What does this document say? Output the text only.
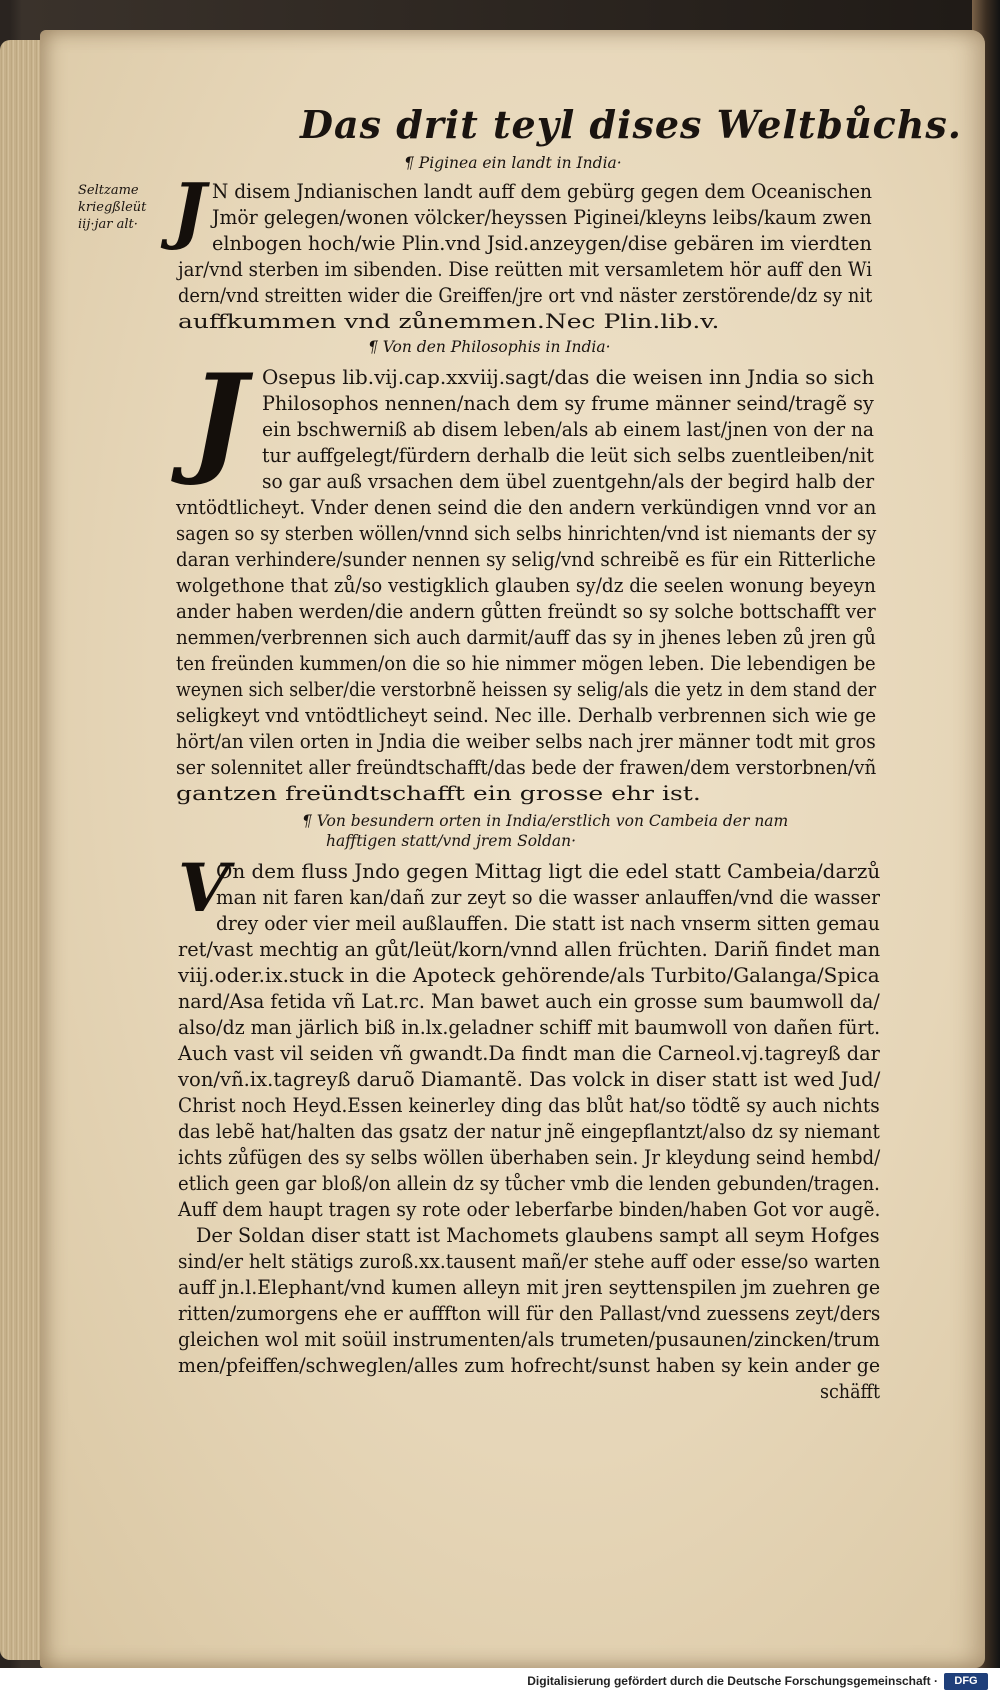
Das drit teyl dises Weltbůchs.
¶ Piginea ein landt in India·
Seltzame kriegßleüt iij·jar alt· J N disem Jndianischen landt auff dem gebürg gegen dem Oceanischen
Jmör gelegen/wonen völcker/heyssen Piginei/kleyns leibs/kaum zwen
elnbogen hoch/wie Plin.vnd Jsid.anzeygen/dise gebären im vierdten
jar/vnd sterben im sibenden. Dise reütten mit versamletem hör auff den Wi
dern/vnd streitten wider die Greiffen/jre ort vnd näster zerstörende/dz sy nit
auffkummen vnd zůnemmen.Nec Plin.lib.v.
¶ Von den Philosophis in India·
J Osepus lib.vij.cap.xxviij.sagt/das die weisen inn Jndia so sich
Philosophos nennen/nach dem sy frume männer seind/tragẽ sy
ein bschwerniß ab disem leben/als ab einem last/jnen von der na
tur auffgelegt/fürdern derhalb die leüt sich selbs zuentleiben/nit
so gar auß vrsachen dem übel zuentgehn/als der begird halb der
vntödtlicheyt. Vnder denen seind die den andern verkündigen vnnd vor an
sagen so sy sterben wöllen/vnnd sich selbs hinrichten/vnd ist niemants der sy
daran verhindere/sunder nennen sy selig/vnd schreibẽ es für ein Ritterliche
wolgethone that zů/so vestigklich glauben sy/dz die seelen wonung beyeyn
ander haben werden/die andern gůtten freündt so sy solche bottschafft ver
nemmen/verbrennen sich auch darmit/auff das sy in jhenes leben zů jren gů
ten freünden kummen/on die so hie nimmer mögen leben. Die lebendigen be
weynen sich selber/die verstorbnẽ heissen sy selig/als die yetz in dem stand der
seligkeyt vnd vntödtlicheyt seind. Nec ille. Derhalb verbrennen sich wie ge
hört/an vilen orten in Jndia die weiber selbs nach jrer männer todt mit gros
ser solennitet aller freündtschafft/das bede der frawen/dem verstorbnen/vñ
gantzen freündtschafft ein grosse ehr ist.
¶ Von besundern orten in India/erstlich von Cambeia der nam
hafftigen statt/vnd jrem Soldan·
V
On dem fluss Jndo gegen Mittag ligt die edel statt Cambeia/darzů
man nit faren kan/dañ zur zeyt so die wasser anlauffen/vnd die wasser
drey oder vier meil außlauffen. Die statt ist nach vnserm sitten gemau
ret/vast mechtig an gůt/leüt/korn/vnnd allen früchten. Dariñ findet man
viij.oder.ix.stuck in die Apoteck gehörende/als Turbito/Galanga/Spica
nard/Asa fetida vñ Lat.rc. Man bawet auch ein grosse sum baumwoll da/
also/dz man järlich biß in.lx.geladner schiff mit baumwoll von dañen fürt.
Auch vast vil seiden vñ gwandt.Da findt man die Carneol.vj.tagreyß dar
von/vñ.ix.tagreyß daruõ Diamantẽ. Das volck in diser statt ist wed Jud/
Christ noch Heyd.Essen keinerley ding das blůt hat/so tödtẽ sy auch nichts
das lebẽ hat/halten das gsatz der natur jnẽ eingepflantzt/also dz sy niemant
ichts zůfügen des sy selbs wöllen überhaben sein. Jr kleydung seind hembd/
etlich geen gar bloß/on allein dz sy tůcher vmb die lenden gebunden/tragen.
Auff dem haupt tragen sy rote oder leberfarbe binden/haben Got vor augẽ.
Der Soldan diser statt ist Machomets glaubens sampt all seym Hofges
sind/er helt stätigs zuroß.xx.tausent mañ/er stehe auff oder esse/so warten
auff jn.l.Elephant/vnd kumen alleyn mit jren seyttenspilen jm zuehren ge
ritten/zumorgens ehe er aufffton will für den Pallast/vnd zuessens zeyt/ders
gleichen wol mit soüil instrumenten/als trumeten/pusaunen/zincken/trum
men/pfeiffen/schweglen/alles zum hofrecht/sunst haben sy kein ander ge
schäfft
Digitalisierung gefördert durch die Deutsche Forschungsgemeinschaft ·	DFG
